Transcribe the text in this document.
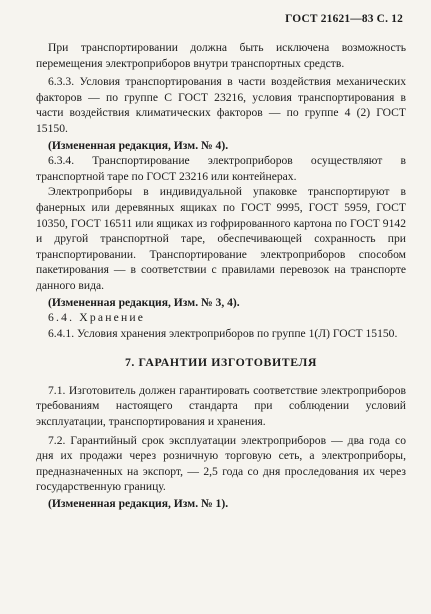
ГОСТ 21621—83 С. 12

При транспортировании должна быть исключена возможность перемещения электроприборов внутри транспортных средств.

6.3.3. Условия транспортирования в части воздействия механических факторов — по группе С ГОСТ 23216, условия транспортирования в части воздействия климатических факторов — по группе 4 (2) ГОСТ 15150.

(Измененная редакция, Изм. № 4).

6.3.4. Транспортирование электроприборов осуществляют в транспортной таре по ГОСТ 23216 или контейнерах.

Электроприборы в индивидуальной упаковке транспортируют в фанерных или деревянных ящиках по ГОСТ 9995, ГОСТ 5959, ГОСТ 10350, ГОСТ 16511 или ящиках из гофрированного картона по ГОСТ 9142 и другой транспортной таре, обеспечивающей сохранность при транспортировании. Транспортирование электроприборов способом пакетирования — в соответствии с правилами перевозок на транспорте данного вида.

(Измененная редакция, Изм. № 3, 4).

6.4. Хранение

6.4.1. Условия хранения электроприборов по группе 1(Л) ГОСТ 15150.

7. ГАРАНТИИ ИЗГОТОВИТЕЛЯ

7.1. Изготовитель должен гарантировать соответствие электроприборов требованиям настоящего стандарта при соблюдении условий эксплуатации, транспортирования и хранения.

7.2. Гарантийный срок эксплуатации электроприборов — два года со дня их продажи через розничную торговую сеть, а электроприборы, предназначенных на экспорт, — 2,5 года со дня проследования их через государственную границу.

(Измененная редакция, Изм. № 1).
